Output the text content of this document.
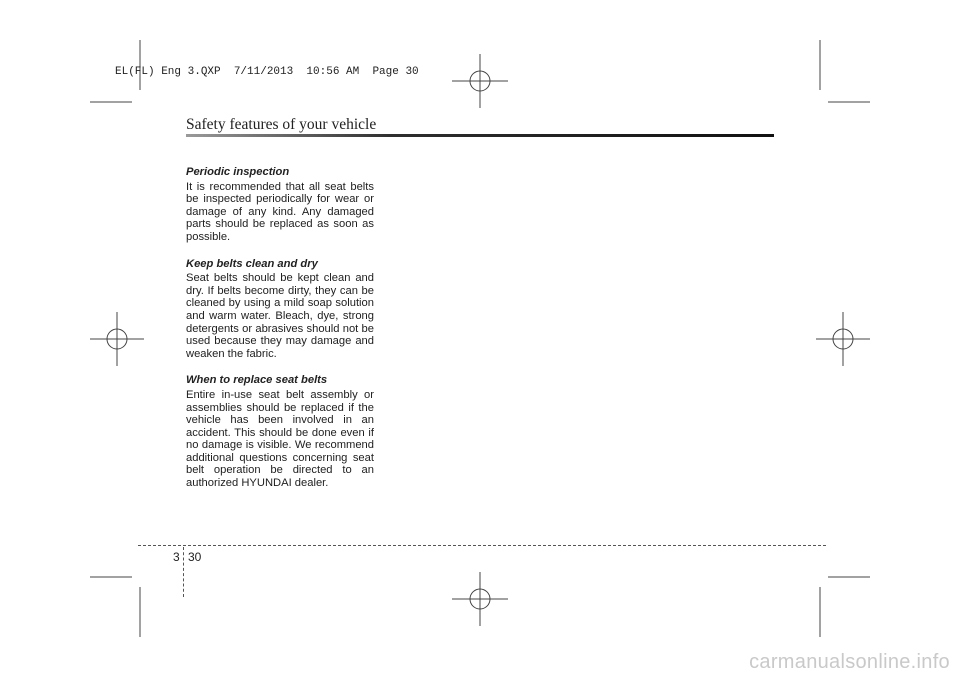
EL(FL) Eng 3.QXP  7/11/2013  10:56 AM  Page 30
Safety features of your vehicle
Periodic inspection

It is recommended that all seat belts be inspected periodically for wear or damage of any kind. Any damaged parts should be replaced as soon as possible.

Keep belts clean and dry

Seat belts should be kept clean and dry. If belts become dirty, they can be cleaned by using a mild soap solution and warm water. Bleach, dye, strong detergents or abrasives should not be used because they may damage and weaken the fabric.

When to replace seat belts

Entire in-use seat belt assembly or assemblies should be replaced if the vehicle has been involved in an accident. This should be done even if no damage is visible. We recommend additional questions concerning seat belt operation be directed to an authorized HYUNDAI dealer.

3 30
carmanualsonline.info
